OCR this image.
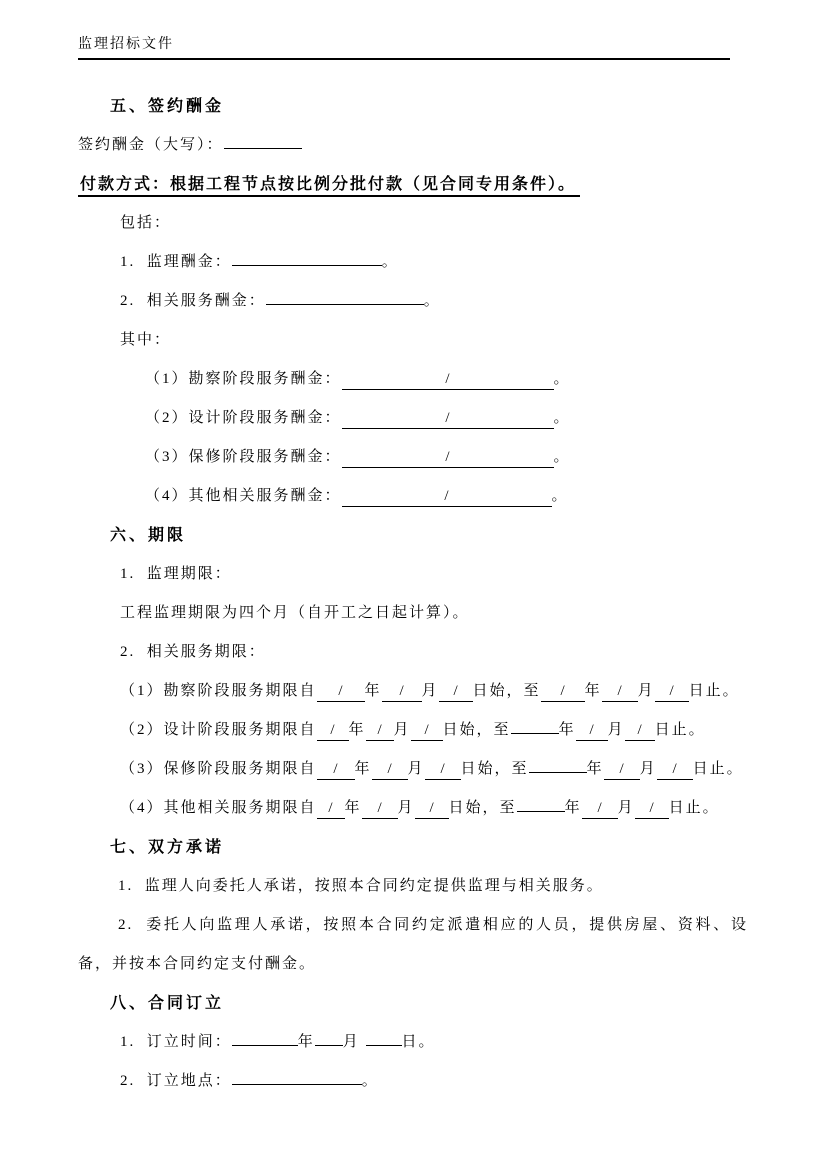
监理招标文件
五、签约酬金
签约酬金（大写）：
付款方式：根据工程节点按比例分批付款（见合同专用条件）。
包括：
1.  监理酬金：	。
2.  相关服务酬金：	。
其中：
（1）勘察阶段服务酬金：	/	。
（2）设计阶段服务酬金：	/	。
（3）保修阶段服务酬金：	/	。
（4）其他相关服务酬金：	/	。
六、期限
1.  监理期限：
工程监理期限为四个月（自开工之日起计算）。
2.  相关服务期限：
（1）勘察阶段服务期限自 / 年 / 月 / 日始，至 / 年 / 月 / 日止。
（2）设计阶段服务期限自 / 年 / 月 / 日始，至	年 / 月 / 日止。
（3）保修阶段服务期限自 / 年 / 月 / 日始，至	年 / 月 / 日止。
（4）其他相关服务期限自 / 年 / 月 / 日始，至	年 / 月 / 日止。
七、双方承诺
1.  监理人向委托人承诺，按照本合同约定提供监理与相关服务。
2.  委托人向监理人承诺，按照本合同约定派遣相应的人员，提供房屋、资料、设备，并按本合同约定支付酬金。
八、合同订立
1.  订立时间：	年 月 日。
2.  订立地点：	。
